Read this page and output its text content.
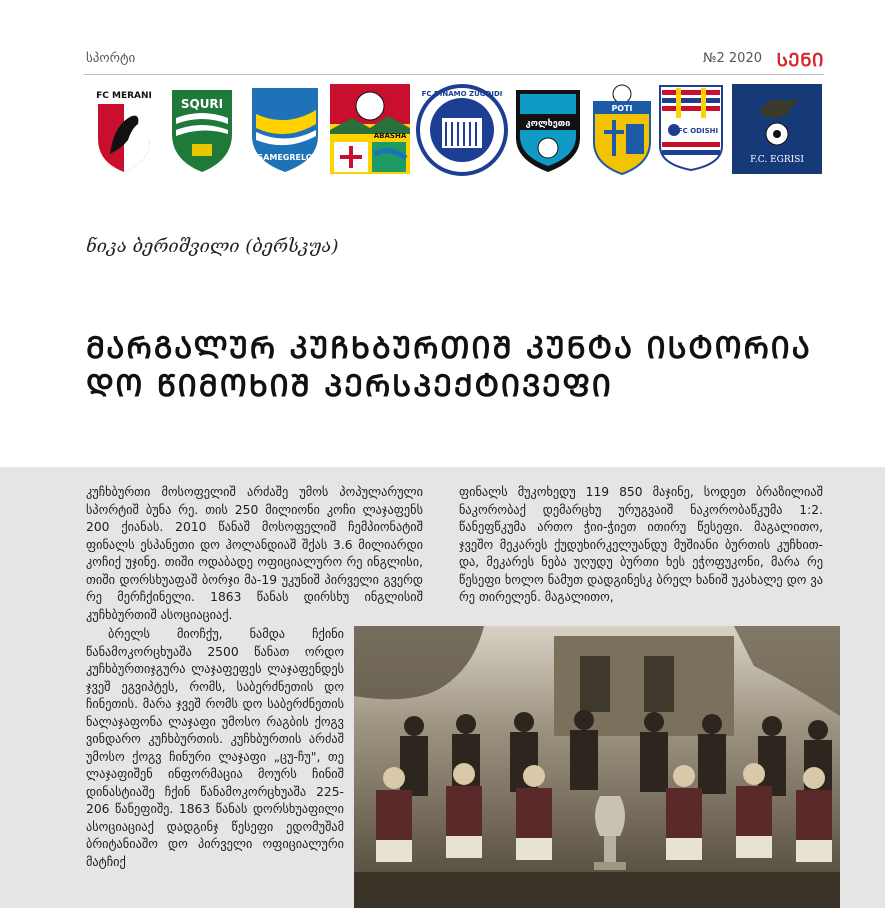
სპორტი	№2 2020 ᲡᲔᲜᲘ
FC MERANI
SQURI
SAMEGRELO
ABASHA
FC DINAMO ZUGDIDI
კოლხეთი
POTI
FC ODISHI
F.C. EGRISI
ნიკა ბერიშვილი (ბერსკუა)
ᲛᲐᲠᲒᲐᲚᲣᲠ ᲙᲣᲩᲮᲑᲣᲠᲗᲘᲨ ᲙᲣᲜᲢᲐ ᲘᲡᲢᲝᲠᲘᲐ
ᲓᲝ ᲬᲘᲛᲝᲮᲘᲨ ᲞᲔᲠᲡᲞᲔᲥᲢᲘᲕᲔᲤᲘ

კუჩხბურთი მოსოფელიშ არძაშე უმოს პოპულარული სპორტიშ ბუნა რე. თის 250 მილიონი კოჩი ლაჯაფენს 200 ქიანას. 2010 წანაშ მოსოფელიშ ჩემპიონატიშ ფინალს ესპანეთი დო ჰოლანდიაშ შქას 3.6 მილიარდი კოჩიქ უჯინე. თიში ოდაბადე ოფიციალურო რე ინგლისი, თიში დორსხუაფაშ ბორჯი მა-19 უკუნიშ პირველი გვერდ რე მერჩქინელი. 1863 წანას დირსხუ ინგლისიშ კუჩხბურთიშ ასოციაციაქ.

ბრელს მიოჩქუ, ნამდა ჩქინი წანამოკორცხუაშა 2500 წანათ ორდო კუჩხბურთიჯგურა ლაჯაფეფეს ლაჯაფენდეს ჯვეშ ეგვიპტეს, რომს, საბერძნეთის დო ჩინეთის. მარა ჯვეშ რომს დო საბერძნეთის ნალაჯაფონა ლაჯაფი უმოსო რაგბის ქოგვ ვინდარო კუჩხბურთის. კუჩხბურთის არძაშ უმოსო ქოგვ ჩინური ლაჯაფი „ცუ-ჩუ", თე ლაჯაფიშენ ინფორმაცია მოურს ჩინიშ დინასტიაშე ჩქინ წანამოკორცხუაშა 225-206 წანეფიშე. 1863 წანას დორსხუაფილი ასოციაციაქ დადგინჯ წესეფი ედომუშამ ბრიტანიაშო დო პირველი ოფიციალური მატჩიქ

ფინალს მუკოხედუ 119 850 მაჯინე, სოდეთ ბრაზილიაშ ნაკორობაქ დემარცხუ ურუგვაიშ ნაკორობაწკუმა 1:2. წანეფწკუმა ართო ჭიი-ჭიეთ ითირუ წესეფი. მაგალითო, ჯვეშო მეკარეს ქუდუხირკელუანდუ მუშიანი ბურთის კუჩხით-და, მეკარეს ნება უღუდუ ბურთი ხეს ეჭოფუკონი, მარა რე წესეფი ხოლო ნამუთ დადგინესკ ბრელ ხანიშ უკახალე დო ვა რე თირელენ. მაგალითო,
